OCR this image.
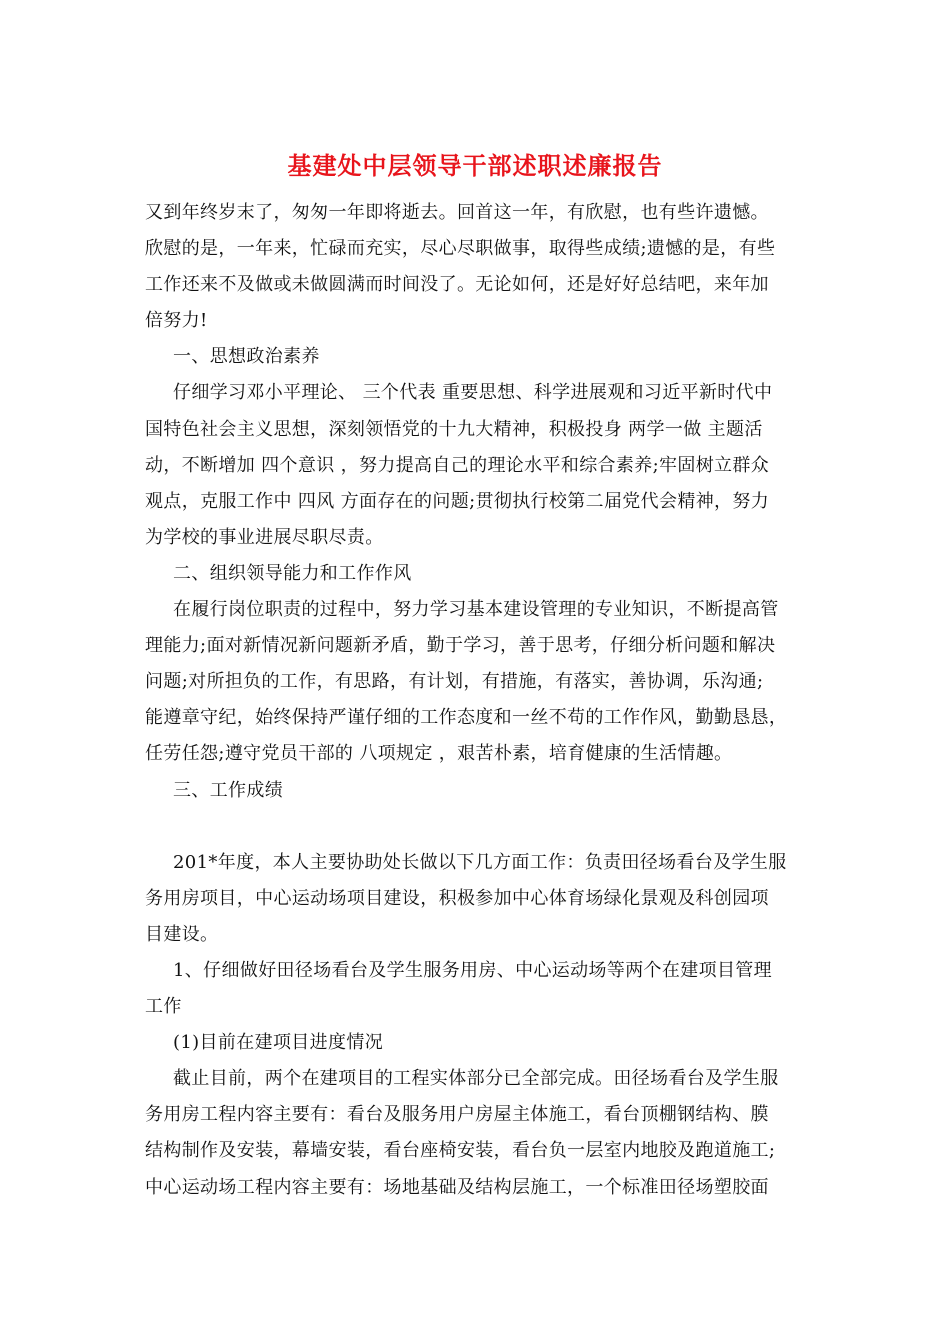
基建处中层领导干部述职述廉报告
又到年终岁末了，匆匆一年即将逝去。回首这一年，有欣慰，也有些许遗憾。
欣慰的是，一年来，忙碌而充实，尽心尽职做事，取得些成绩;遗憾的是，有些
工作还来不及做或未做圆满而时间没了。无论如何，还是好好总结吧，来年加
倍努力!
一、思想政治素养
仔细学习邓小平理论、 三个代表 重要思想、科学进展观和习近平新时代中
国特色社会主义思想，深刻领悟党的十九大精神，积极投身 两学一做 主题活
动，不断增加 四个意识 ，努力提高自己的理论水平和综合素养;牢固树立群众
观点，克服工作中 四风 方面存在的问题;贯彻执行校第二届党代会精神，努力
为学校的事业进展尽职尽责。
二、组织领导能力和工作作风
在履行岗位职责的过程中，努力学习基本建设管理的专业知识，不断提高管
理能力;面对新情况新问题新矛盾，勤于学习，善于思考，仔细分析问题和解决
问题;对所担负的工作，有思路，有计划，有措施，有落实，善协调，乐沟通;
能遵章守纪，始终保持严谨仔细的工作态度和一丝不苟的工作作风，勤勤恳恳，
任劳任怨;遵守党员干部的 八项规定 ，艰苦朴素，培育健康的生活情趣。
三、工作成绩
201*年度，本人主要协助处长做以下几方面工作：负责田径场看台及学生服
务用房项目，中心运动场项目建设，积极参加中心体育场绿化景观及科创园项
目建设。
1、仔细做好田径场看台及学生服务用房、中心运动场等两个在建项目管理
工作
(1)目前在建项目进度情况
截止目前，两个在建项目的工程实体部分已全部完成。田径场看台及学生服
务用房工程内容主要有：看台及服务用户房屋主体施工，看台顶棚钢结构、膜
结构制作及安装，幕墙安装，看台座椅安装，看台负一层室内地胶及跑道施工;
中心运动场工程内容主要有：场地基础及结构层施工，一个标准田径场塑胶面
